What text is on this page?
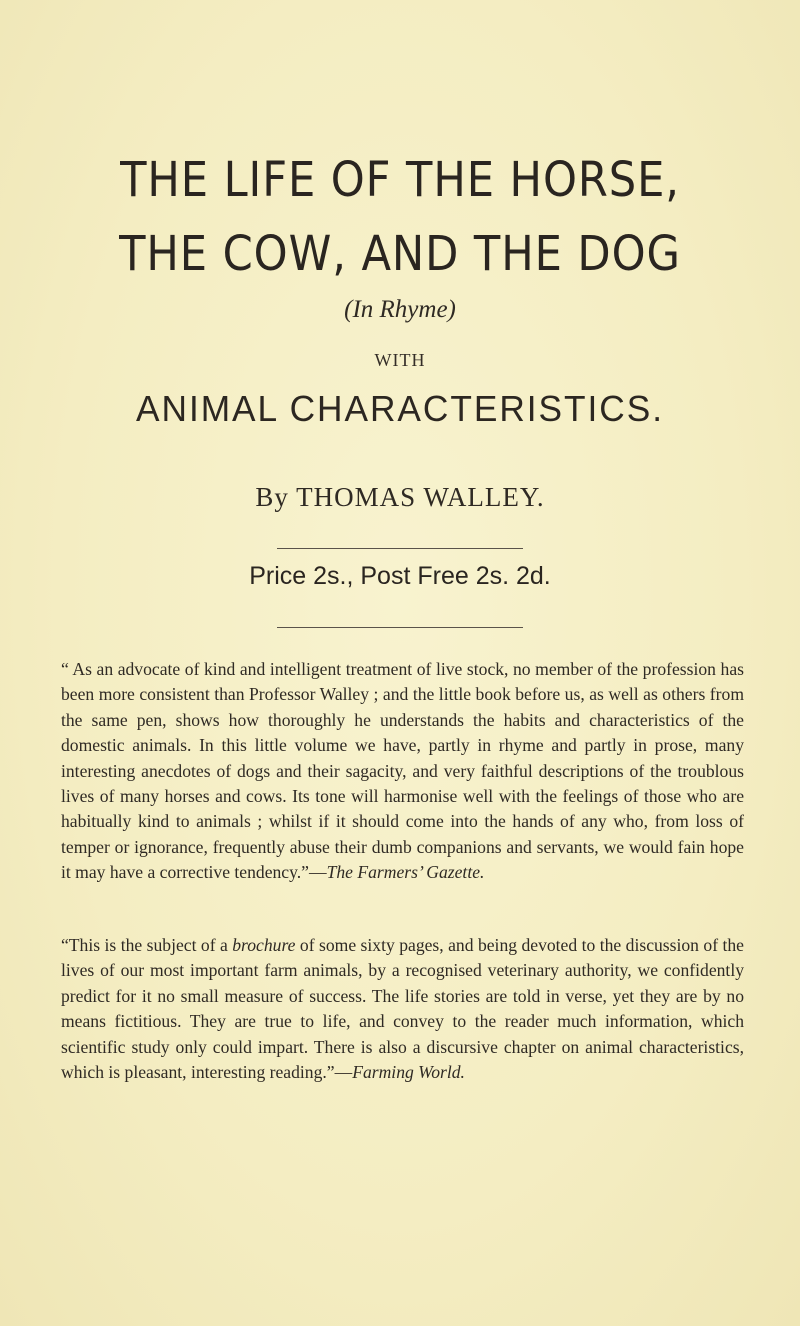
THE LIFE OF THE HORSE,
THE COW, AND THE DOG
(In Rhyme)
WITH
ANIMAL CHARACTERISTICS.
By THOMAS WALLEY.
Price 2s., Post Free 2s. 2d.
“ As an advocate of kind and intelligent treatment of live stock, no member of the profession has been more consistent than Professor Walley ; and the little book before us, as well as others from the same pen, shows how thoroughly he understands the habits and characteristics of the domestic animals. In this little volume we have, partly in rhyme and partly in prose, many interesting anecdotes of dogs and their sagacity, and very faithful descriptions of the troublous lives of many horses and cows. Its tone will harmonise well with the feelings of those who are habitually kind to animals ; whilst if it should come into the hands of any who, from loss of temper or ignorance, frequently abuse their dumb companions and servants, we would fain hope it may have a corrective tendency.”—The Farmers’ Gazette.
“This is the subject of a brochure of some sixty pages, and being devoted to the discussion of the lives of our most important farm animals, by a recognised veterinary authority, we confidently predict for it no small measure of success. The life stories are told in verse, yet they are by no means fictitious. They are true to life, and convey to the reader much information, which scientific study only could impart. There is also a discursive chapter on animal characteristics, which is pleasant, interesting reading.”—Farming World.
